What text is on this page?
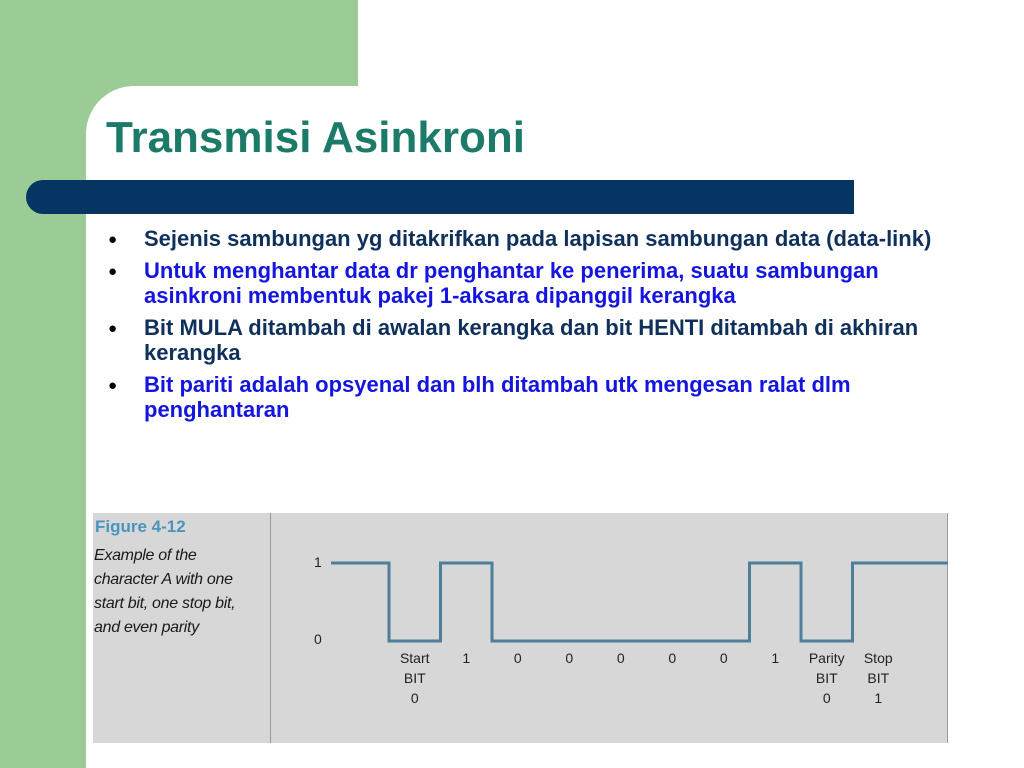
Transmisi Asinkroni
● Sejenis sambungan yg ditakrifkan pada lapisan sambungan data (data-link)
● Untuk menghantar data dr penghantar ke penerima, suatu sambungan asinkroni membentuk pakej 1-aksara dipanggil kerangka
● Bit MULA ditambah di awalan kerangka dan bit HENTI ditambah di akhiran kerangka
● Bit pariti adalah opsyenal dan blh ditambah utk mengesan ralat dlm penghantaran
Figure 4-12
Example of the character A with one start bit, one stop bit, and even parity
1
0
Start BIT 0
1	0	0	0	0	0	1 Parity BIT 0
Stop BIT 1
